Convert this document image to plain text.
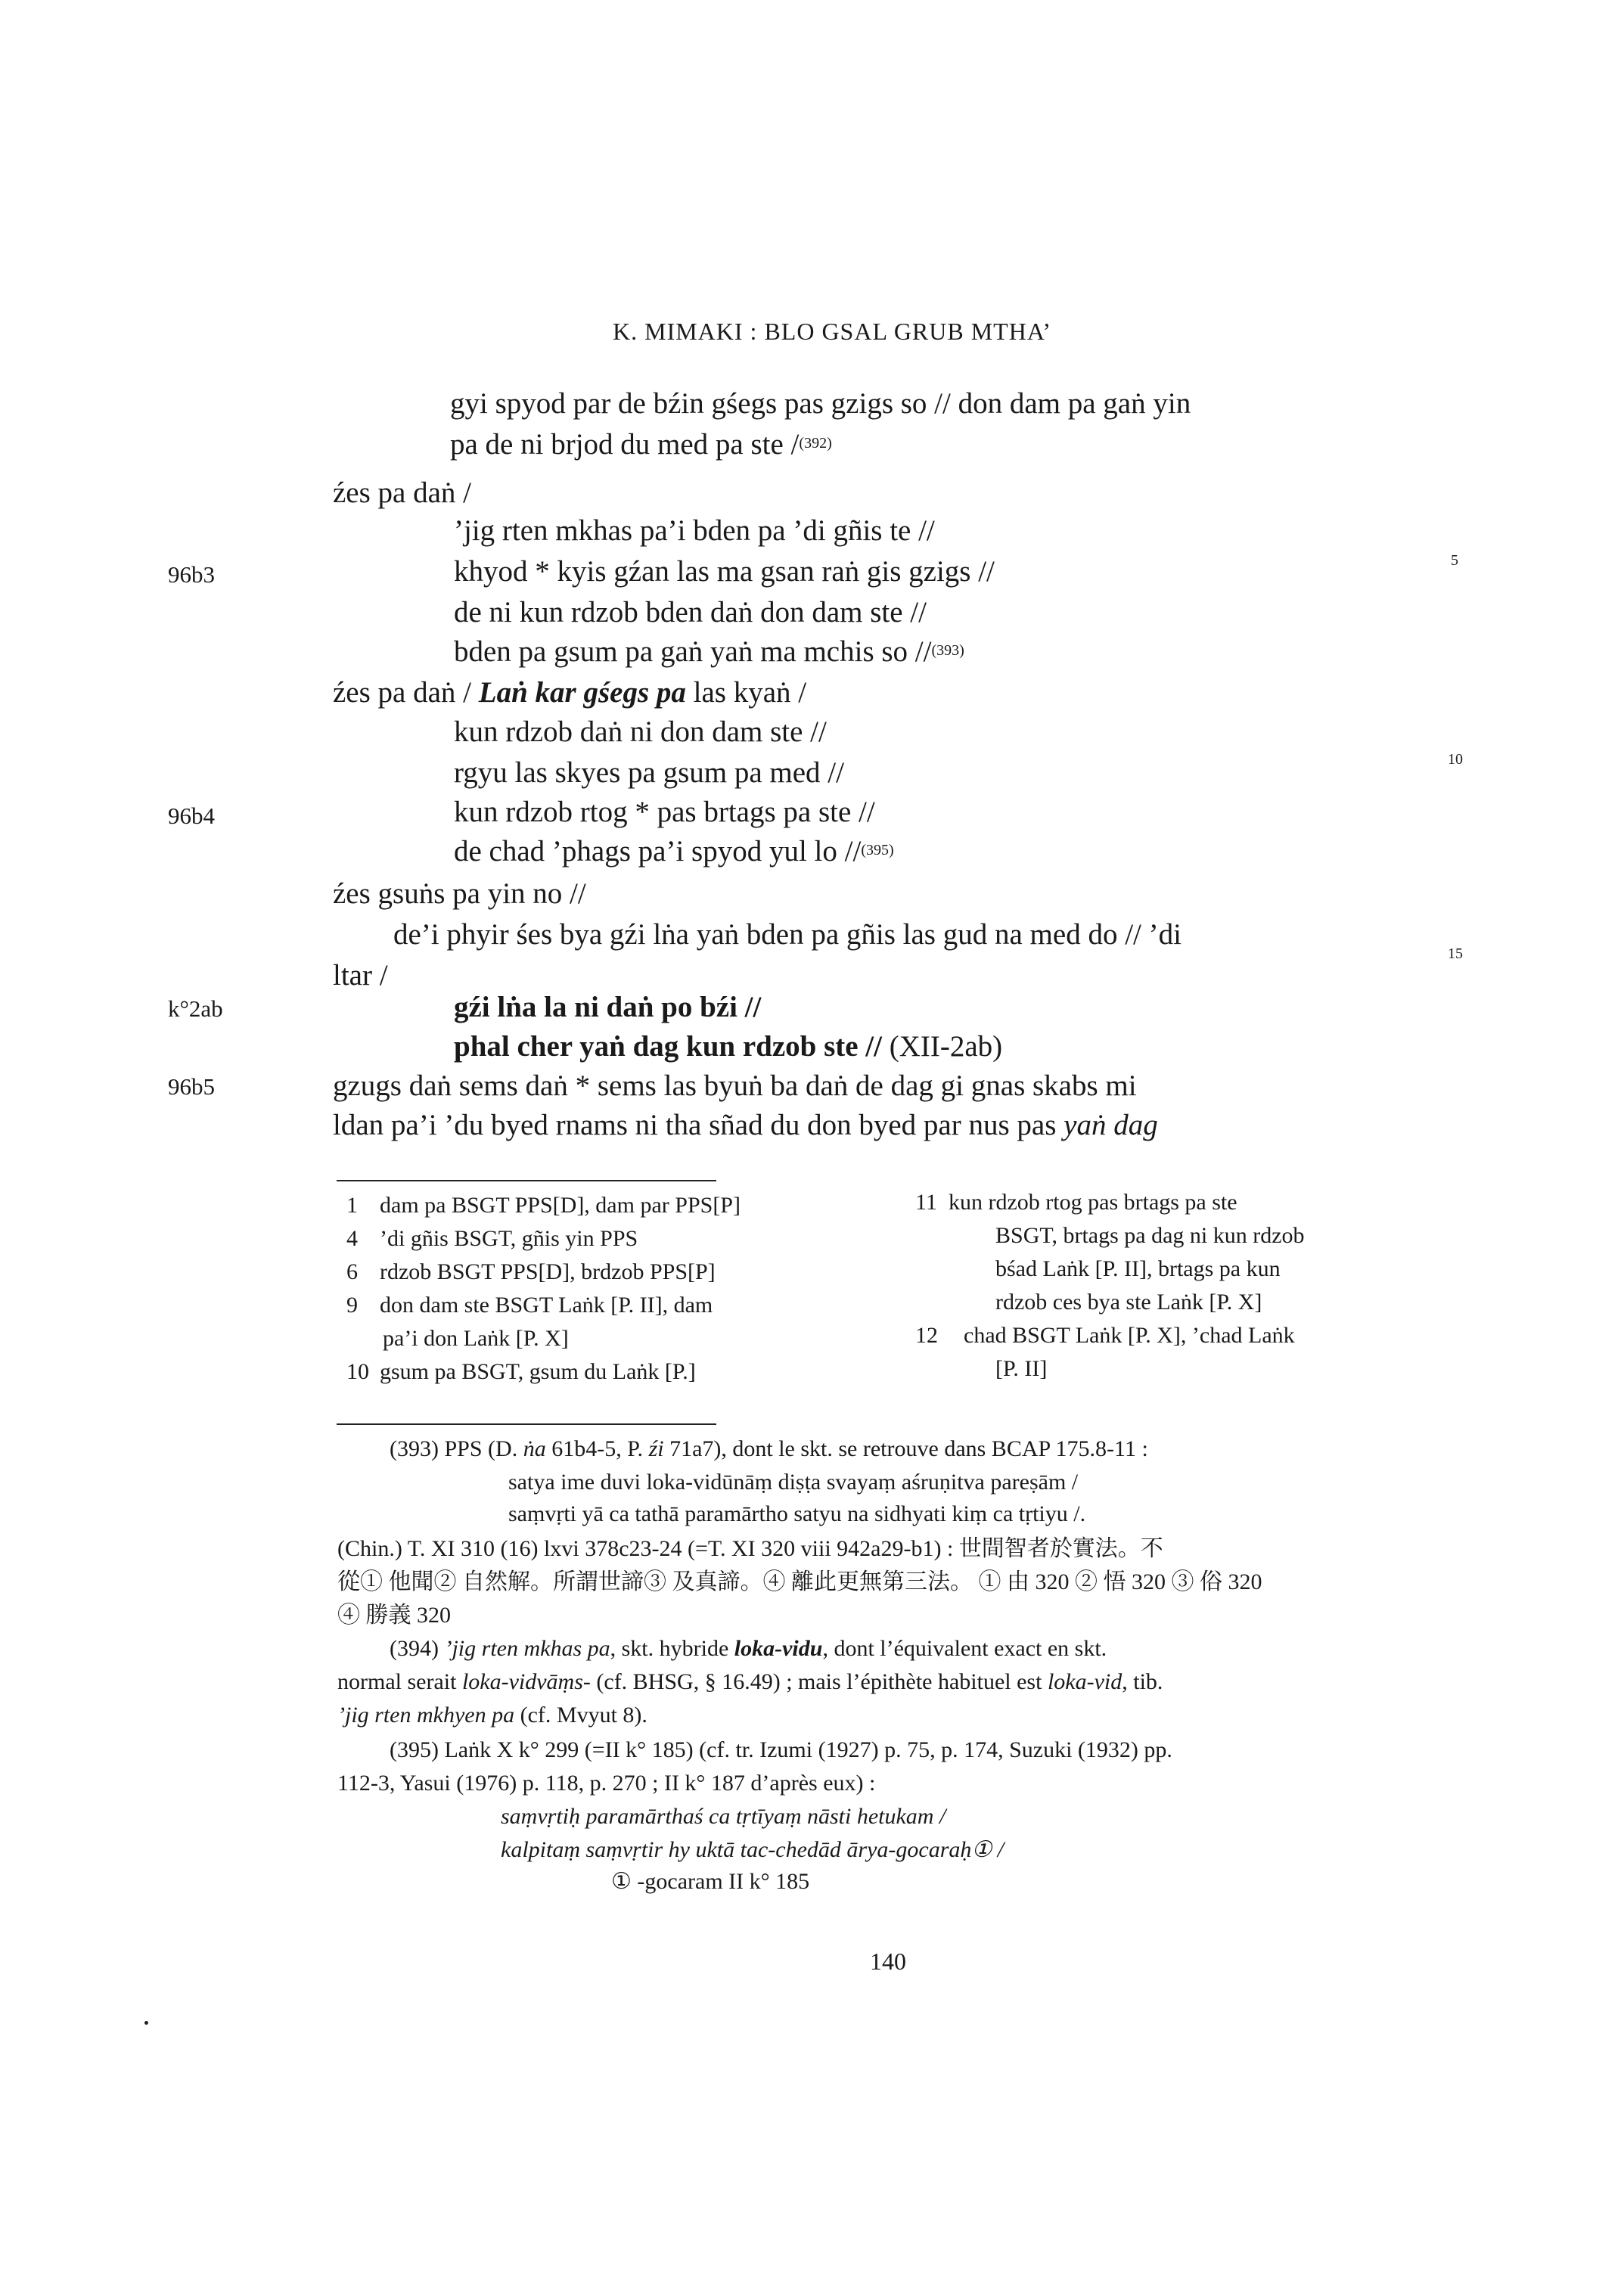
K. MIMAKI : BLO GSAL GRUB MTHA’
96b3
96b4
k°2ab
96b5
5
10
15
gyi spyod par de bźin gśegs pas gzigs so // don dam pa gaṅ yin
pa de ni brjod du med pa ste /$^{(392)}$
źes pa daṅ /
’jig rten mkhas pa’i bden pa ’di gñis te //
khyod * kyis gźan las ma gsan raṅ gis gzigs //
de ni kun rdzob bden daṅ don dam ste //
bden pa gsum pa gaṅ yaṅ ma mchis so //$^{(393)}$
źes pa daṅ / Laṅ kar gśegs pa las kyaṅ /
kun rdzob daṅ ni don dam ste //
rgyu las skyes pa gsum pa med //
kun rdzob rtog * pas brtags pa ste //
de chad ’phags pa’i spyod yul lo //$^{(395)}$
źes gsuṅs pa yin no //
de’i phyir śes bya gźi lṅa yaṅ bden pa gñis las gud na med do // ’di
ltar /
gźi lṅa la ni daṅ po bźi //
phal cher yaṅ dag kun rdzob ste // (XII-2ab)
gzugs daṅ sems daṅ * sems las byuṅ ba daṅ de dag gi gnas skabs mi
ldan pa’i ’du byed rnams ni tha sñad du don byed par nus pas yaṅ dag
1 dam pa BSGT PPS[D], dam par PPS[P]
4 ’di gñis BSGT, gñis yin PPS
6 rdzob BSGT PPS[D], brdzob PPS[P]
9 don dam ste BSGT Laṅk [P. II], dam
pa’i don Laṅk [P. X]
10 gsum pa BSGT, gsum du Laṅk [P.]
11 kun rdzob rtog pas brtags pa ste
BSGT, brtags pa dag ni kun rdzob
bśad Laṅk [P. II], brtags pa kun
rdzob ces bya ste Laṅk [P. X]
12 chad BSGT Laṅk [P. X], ’chad Laṅk
[P. II]
(393) PPS (D. ṅa 61b4-5, P. źi 71a7), dont le skt. se retrouve dans BCAP 175.8-11 :
satya ime duvi loka-vidūnāṃ diṣṭa svayaṃ aśruṇitva pareṣām /
saṃvṛti yā ca tathā paramārtho satyu na sidhyati kiṃ ca tṛtiyu /.
(Chin.) T. XI 310 (16) lxvi 378c23-24 (=T. XI 320 viii 942a29-b1) : 世間智者於實法。不
從① 他聞② 自然解。所謂世諦③ 及真諦。④ 離此更無第三法。 ① 由 320 ② 悟 320 ③ 俗 320
④ 勝義 320
(394) ’jig rten mkhas pa, skt. hybride loka-vidu, dont l’équivalent exact en skt.
normal serait loka-vidvāṃs- (cf. BHSG, § 16.49) ; mais l’épithète habituel est loka-vid, tib.
’jig rten mkhyen pa (cf. Mvyut 8).
(395) Laṅk X k° 299 (=II k° 185) (cf. tr. Izumi (1927) p. 75, p. 174, Suzuki (1932) pp.
112-3, Yasui (1976) p. 118, p. 270 ; II k° 187 d’après eux) :
saṃvṛtiḥ paramārthaś ca tṛtīyaṃ nāsti hetukam /
kalpitaṃ saṃvṛtir hy uktā tac-chedād ārya-gocaraḥ① /
① -gocaram II k° 185
140
